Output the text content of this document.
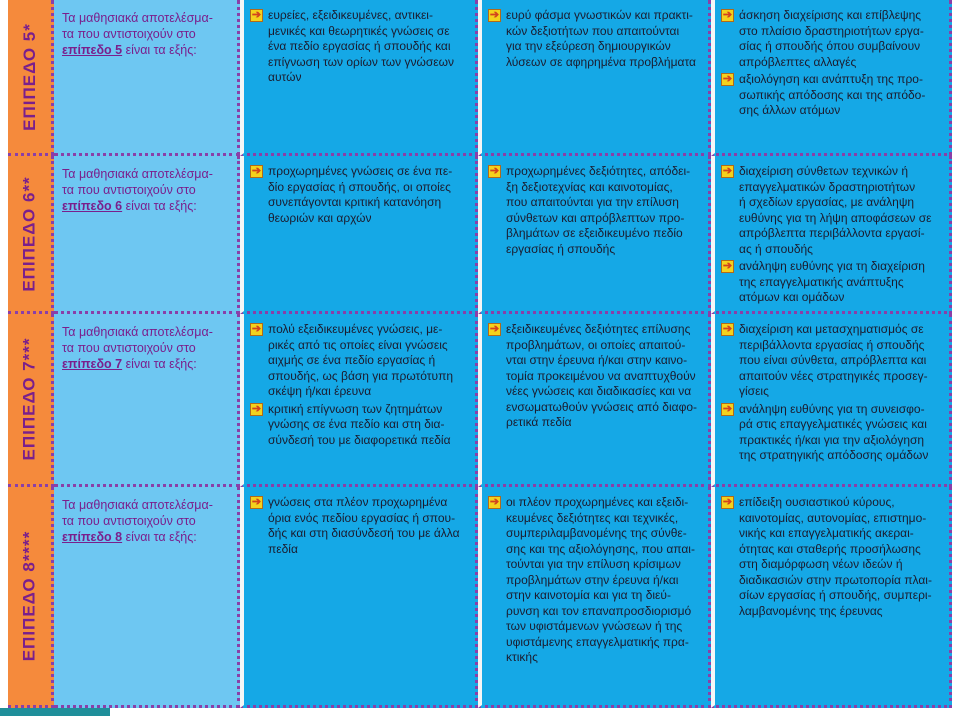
ΕΠΙΠΕΔΟ 5*
Τα μαθησιακά αποτελέσμα-
τα που αντιστοιχούν στο
επίπεδο 5 είναι τα εξής:
➔ ευρείες, εξειδικευμένες, αντικει-
μενικές και θεωρητικές γνώσεις σε
ένα πεδίο εργασίας ή σπουδής και
επίγνωση των ορίων των γνώσεων
αυτών
➔ ευρύ φάσμα γνωστικών και πρακτι-
κών δεξιοτήτων που απαιτούνται
για την εξεύρεση δημιουργικών
λύσεων σε αφηρημένα προβλήματα
➔ άσκηση διαχείρισης και επίβλεψης
στο πλαίσιο δραστηριοτήτων εργα-
σίας ή σπουδής όπου συμβαίνουν
απρόβλεπτες αλλαγές
➔ αξιολόγηση και ανάπτυξη της προ-
σωπικής απόδοσης και της απόδο-
σης άλλων ατόμων
ΕΠΙΠΕΔΟ 6**
Τα μαθησιακά αποτελέσμα-
τα που αντιστοιχούν στο
επίπεδο 6 είναι τα εξής:
➔ προχωρημένες γνώσεις σε ένα πε-
δίο εργασίας ή σπουδής, οι οποίες
συνεπάγονται κριτική κατανόηση
θεωριών και αρχών
➔ προχωρημένες δεξιότητες, απόδει-
ξη δεξιοτεχνίας και καινοτομίας,
που απαιτούνται για την επίλυση
σύνθετων και απρόβλεπτων προ-
βλημάτων σε εξειδικευμένο πεδίο
εργασίας ή σπουδής
➔ διαχείριση σύνθετων τεχνικών ή
επαγγελματικών δραστηριοτήτων
ή σχεδίων εργασίας, με ανάληψη
ευθύνης για τη λήψη αποφάσεων σε
απρόβλεπτα περιβάλλοντα εργασί-
ας ή σπουδής
➔ ανάληψη ευθύνης για τη διαχείριση
της επαγγελματικής ανάπτυξης
ατόμων και ομάδων
ΕΠΙΠΕΔΟ 7***
Τα μαθησιακά αποτελέσμα-
τα που αντιστοιχούν στο
επίπεδο 7 είναι τα εξής:
➔ πολύ εξειδικευμένες γνώσεις, με-
ρικές από τις οποίες είναι γνώσεις
αιχμής σε ένα πεδίο εργασίας ή
σπουδής, ως βάση για πρωτότυπη
σκέψη ή/και έρευνα
➔ κριτική επίγνωση των ζητημάτων
γνώσης σε ένα πεδίο και στη δια-
σύνδεσή του με διαφορετικά πεδία
➔ εξειδικευμένες δεξιότητες επίλυσης
προβλημάτων, οι οποίες απαιτού-
νται στην έρευνα ή/και στην καινο-
τομία προκειμένου να αναπτυχθούν
νέες γνώσεις και διαδικασίες και να
ενσωματωθούν γνώσεις από διαφο-
ρετικά πεδία
➔ διαχείριση και μετασχηματισμός σε
περιβάλλοντα εργασίας ή σπουδής
που είναι σύνθετα, απρόβλεπτα και
απαιτούν νέες στρατηγικές προσεγ-
γίσεις
➔ ανάληψη ευθύνης για τη συνεισφο-
ρά στις επαγγελματικές γνώσεις και
πρακτικές ή/και για την αξιολόγηση
της στρατηγικής απόδοσης ομάδων
ΕΠΙΠΕΔΟ 8****
Τα μαθησιακά αποτελέσμα-
τα που αντιστοιχούν στο
επίπεδο 8 είναι τα εξής:
➔ γνώσεις στα πλέον προχωρημένα
όρια ενός πεδίου εργασίας ή σπου-
δής και στη διασύνδεσή του με άλλα
πεδία
➔ οι πλέον προχωρημένες και εξειδι-
κευμένες δεξιότητες και τεχνικές,
συμπεριλαμβανομένης της σύνθε-
σης και της αξιολόγησης, που απαι-
τούνται για την επίλυση κρίσιμων
προβλημάτων στην έρευνα ή/και
στην καινοτομία και για τη διεύ-
ρυνση και τον επαναπροσδιορισμό
των υφιστάμενων γνώσεων ή της
υφιστάμενης επαγγελματικής πρα-
κτικής
➔ επίδειξη ουσιαστικού κύρους,
καινοτομίας, αυτονομίας, επιστημο-
νικής και επαγγελματικής ακεραι-
ότητας και σταθερής προσήλωσης
στη διαμόρφωση νέων ιδεών ή
διαδικασιών στην πρωτοπορία πλαι-
σίων εργασίας ή σπουδής, συμπερι-
λαμβανομένης της έρευνας
